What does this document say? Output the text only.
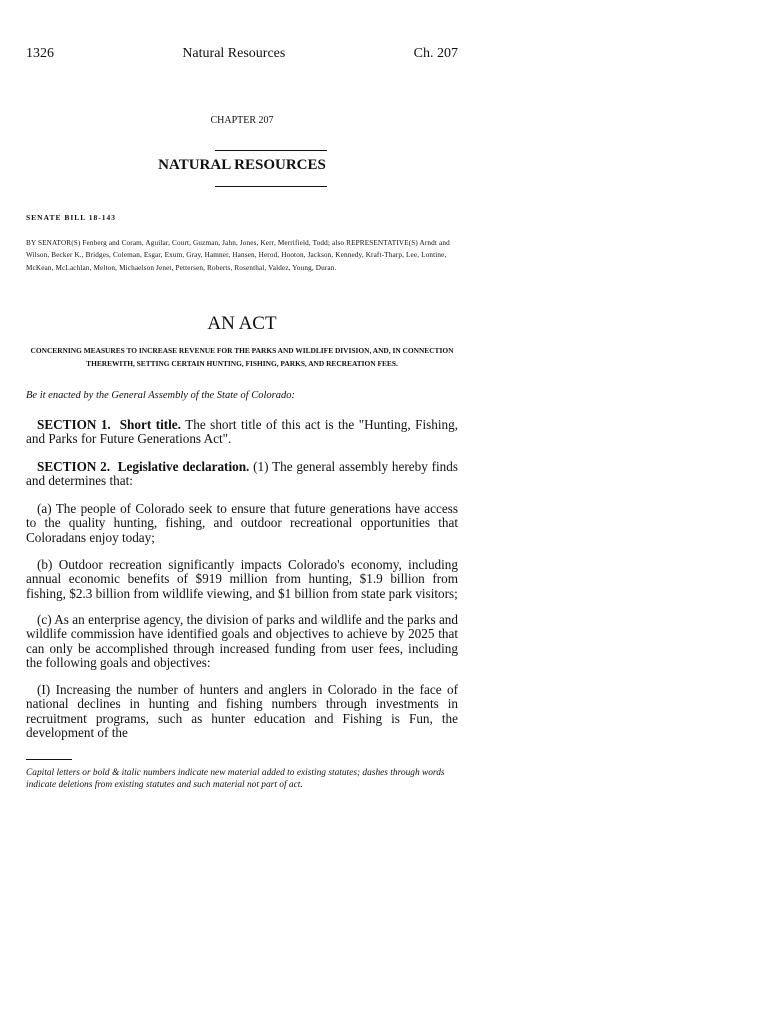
1326	Natural Resources	Ch. 207
CHAPTER 207
NATURAL RESOURCES
SENATE BILL 18-143
BY SENATOR(S) Fenberg and Coram, Aguilar, Court, Guzman, Jahn, Jones, Kerr, Merrifield, Todd; also REPRESENTATIVE(S) Arndt and Wilson, Becker K., Bridges, Coleman, Esgar, Exum, Gray, Hamner, Hansen, Herod, Hooton, Jackson, Kennedy, Kraft-Tharp, Lee, Lontine, McKean, McLachlan, Melton, Michaelson Jenet, Pettersen, Roberts, Rosenthal, Valdez, Young, Duran.
AN ACT
CONCERNING MEASURES TO INCREASE REVENUE FOR THE PARKS AND WILDLIFE DIVISION, AND, IN CONNECTION THEREWITH, SETTING CERTAIN HUNTING, FISHING, PARKS, AND RECREATION FEES.
Be it enacted by the General Assembly of the State of Colorado:
SECTION 1. Short title. The short title of this act is the "Hunting, Fishing, and Parks for Future Generations Act".
SECTION 2. Legislative declaration. (1) The general assembly hereby finds and determines that:
(a) The people of Colorado seek to ensure that future generations have access to the quality hunting, fishing, and outdoor recreational opportunities that Coloradans enjoy today;
(b) Outdoor recreation significantly impacts Colorado's economy, including annual economic benefits of $919 million from hunting, $1.9 billion from fishing, $2.3 billion from wildlife viewing, and $1 billion from state park visitors;
(c) As an enterprise agency, the division of parks and wildlife and the parks and wildlife commission have identified goals and objectives to achieve by 2025 that can only be accomplished through increased funding from user fees, including the following goals and objectives:
(I) Increasing the number of hunters and anglers in Colorado in the face of national declines in hunting and fishing numbers through investments in recruitment programs, such as hunter education and Fishing is Fun, the development of the
Capital letters or bold & italic numbers indicate new material added to existing statutes; dashes through words indicate deletions from existing statutes and such material not part of act.
